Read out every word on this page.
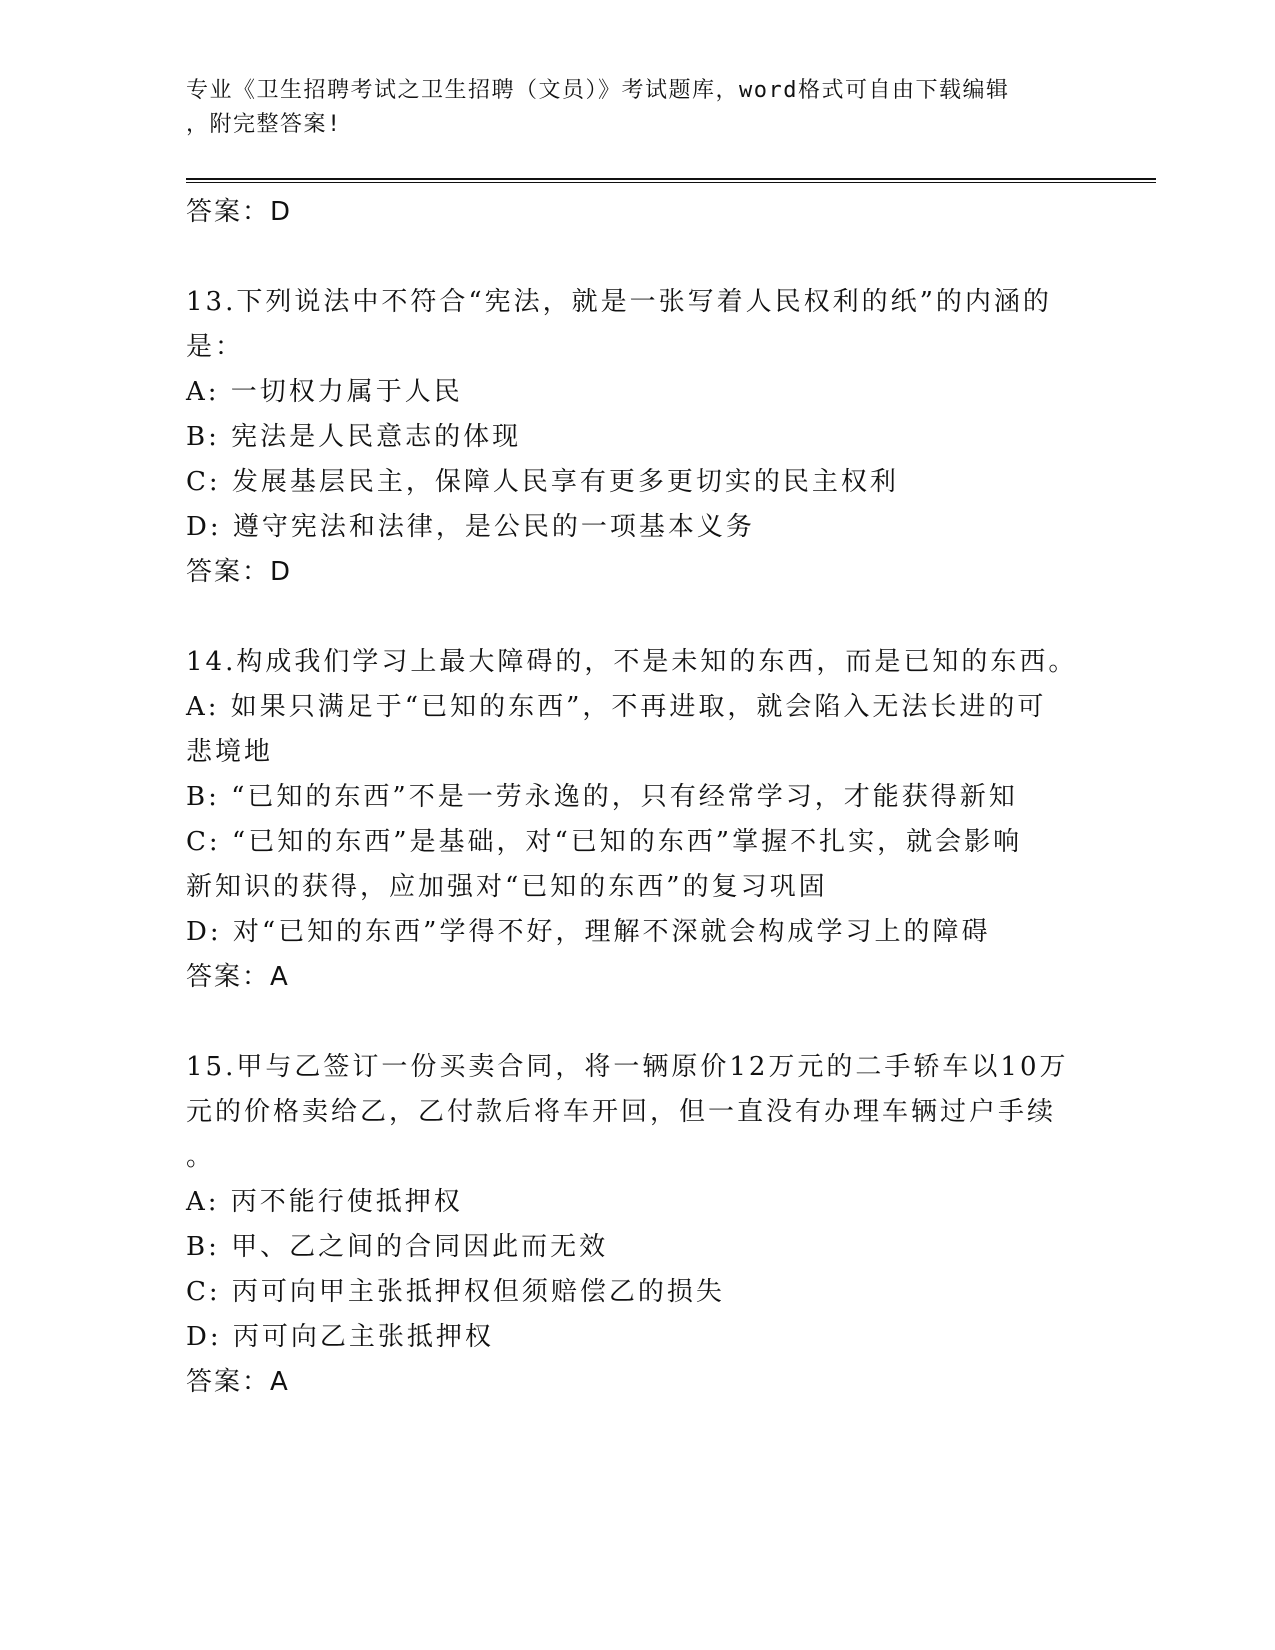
专业《卫生招聘考试之卫生招聘（文员）》考试题库，word格式可自由下载编辑
，附完整答案!
答案：D
13.下列说法中不符合“宪法，就是一张写着人民权利的纸”的内涵的
是：
A: 一切权力属于人民
B: 宪法是人民意志的体现
C: 发展基层民主，保障人民享有更多更切实的民主权利
D: 遵守宪法和法律，是公民的一项基本义务
答案：D
14.构成我们学习上最大障碍的，不是未知的东西，而是已知的东西。
A: 如果只满足于“已知的东西”，不再进取，就会陷入无法长进的可
悲境地
B: “已知的东西”不是一劳永逸的，只有经常学习，才能获得新知
C: “已知的东西”是基础，对“已知的东西”掌握不扎实，就会影响
新知识的获得，应加强对“已知的东西”的复习巩固
D: 对“已知的东西”学得不好，理解不深就会构成学习上的障碍
答案：A
15.甲与乙签订一份买卖合同，将一辆原价12万元的二手轿车以10万
元的价格卖给乙，乙付款后将车开回，但一直没有办理车辆过户手续
。
A: 丙不能行使抵押权
B: 甲、乙之间的合同因此而无效
C: 丙可向甲主张抵押权但须赔偿乙的损失
D: 丙可向乙主张抵押权
答案：A
